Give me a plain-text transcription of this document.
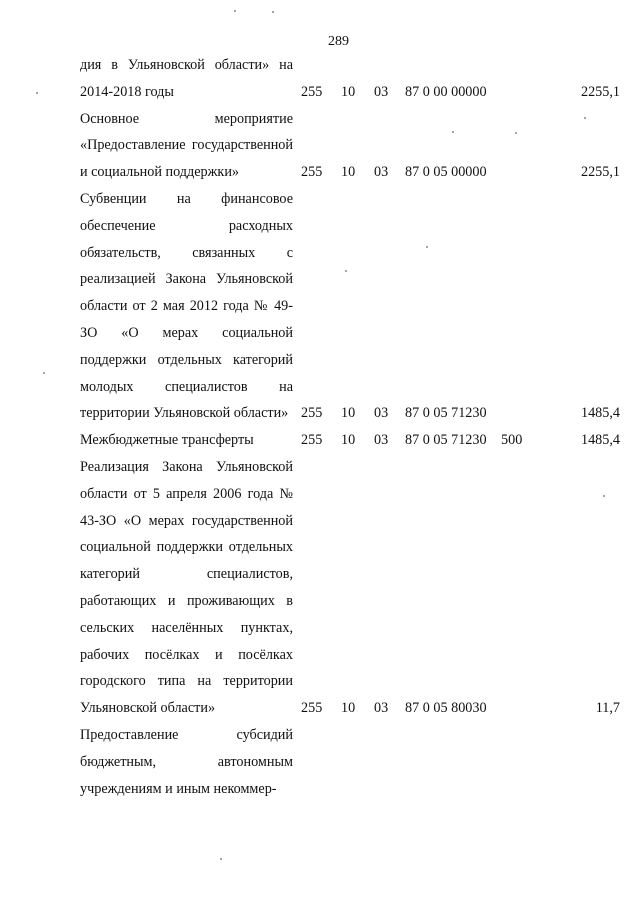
289
дия в Ульяновской области» на 2014-2018 годы		255	10	03	87 0 00 00000		2255,1
Основное мероприятие «Предоставление государственной и социальной поддержки»		255	10	03	87 0 05 00000		2255,1
Субвенции на финансовое обеспечение расходных обязательств, связанных с реализацией Закона Ульяновской области от 2 мая 2012 года № 49-ЗО «О мерах социальной поддержки отдельных категорий молодых специалистов на территории Ульяновской области»		255	10	03	87 0 05 71230		1485,4
Межбюджетные трансферты		255	10	03	87 0 05 71230	500	1485,4
Реализация Закона Ульяновской области от 5 апреля 2006 года № 43-ЗО «О мерах государственной социальной поддержки отдельных категорий специалистов, работающих и проживающих в сельских населённых пунктах, рабочих посёлках и посёлках городского типа на территории Ульяновской области»		255	10	03	87 0 05 80030		11,7
Предоставление субсидий бюджетным, автономным учреждениям и иным некоммер-							
